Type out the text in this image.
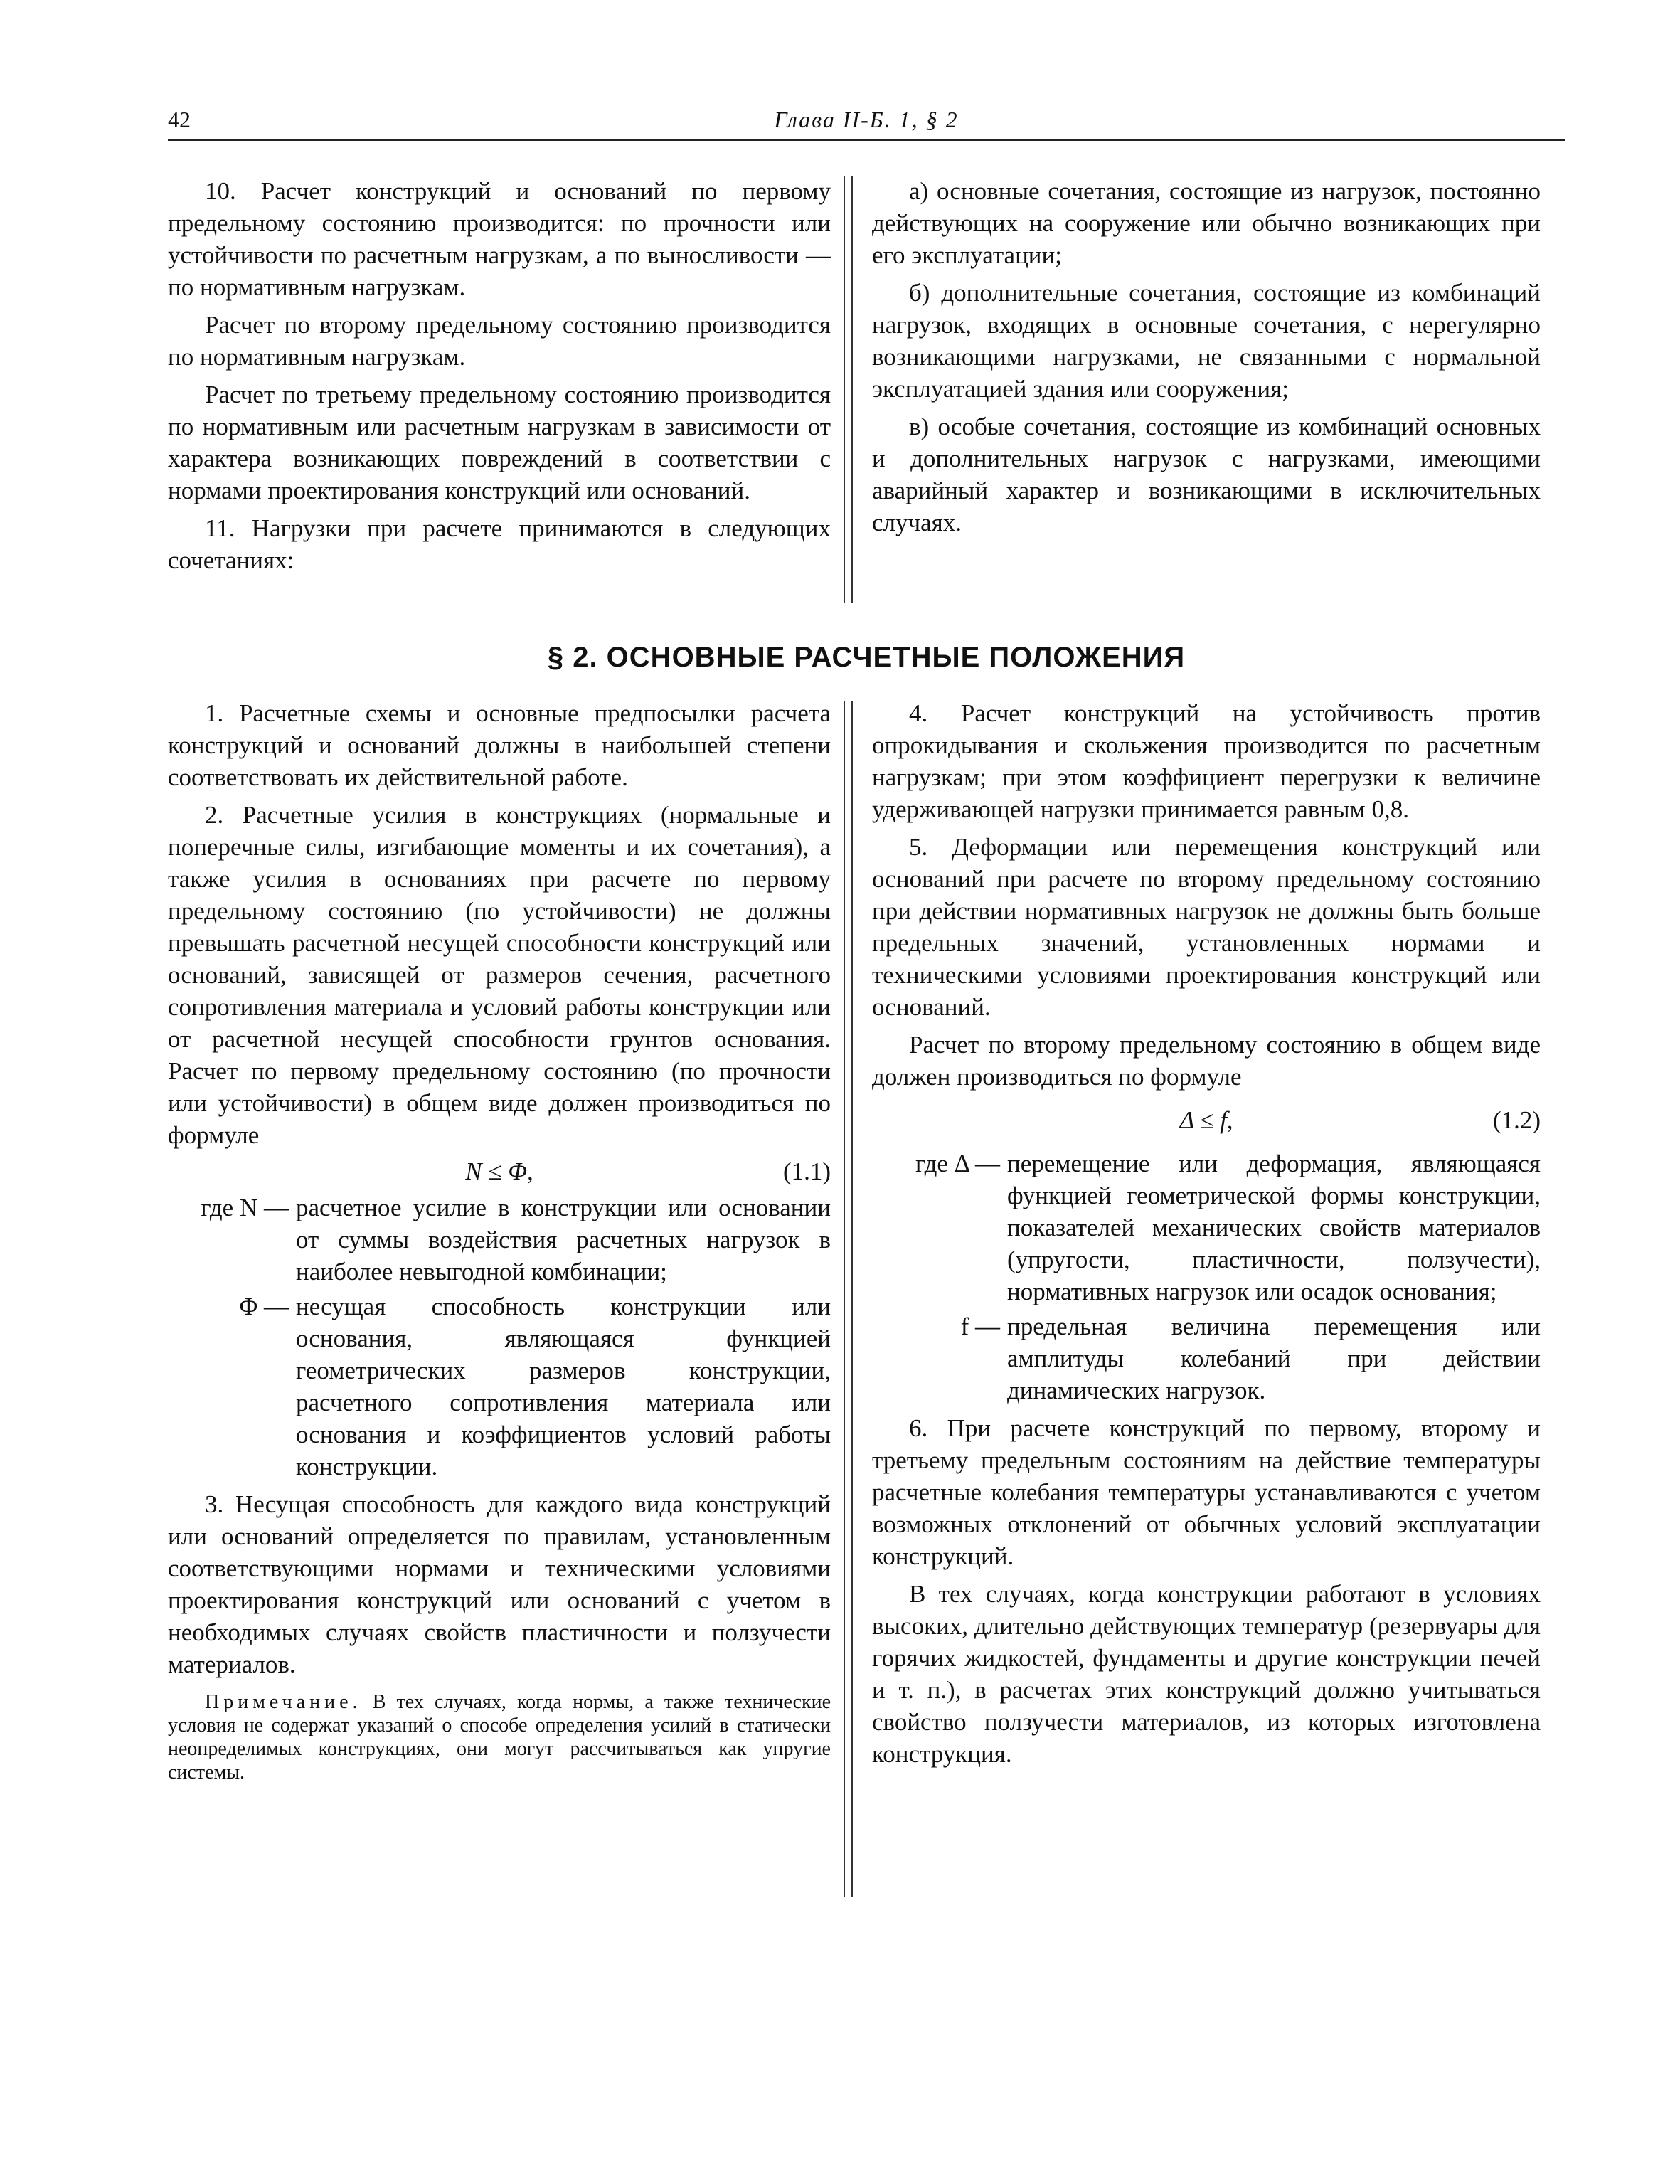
42	Глава II-Б. 1, § 2

10. Расчет конструкций и оснований по первому предельному состоянию производится: по прочности или устойчивости по расчетным нагрузкам, а по выносливости — по нормативным нагрузкам.

Расчет по второму предельному состоянию производится по нормативным нагрузкам.

Расчет по третьему предельному состоянию производится по нормативным или расчетным нагрузкам в зависимости от характера возникающих повреждений в соответствии с нормами проектирования конструкций или оснований.

11. Нагрузки при расчете принимаются в следующих сочетаниях:

а) основные сочетания, состоящие из нагрузок, постоянно действующих на сооружение или обычно возникающих при его эксплуатации;

б) дополнительные сочетания, состоящие из комбинаций нагрузок, входящих в основные сочетания, с нерегулярно возникающими нагрузками, не связанными с нормальной эксплуатацией здания или сооружения;

в) особые сочетания, состоящие из комбинаций основных и дополнительных нагрузок с нагрузками, имеющими аварийный характер и возникающими в исключительных случаях.

§ 2. ОСНОВНЫЕ РАСЧЕТНЫЕ ПОЛОЖЕНИЯ

1. Расчетные схемы и основные предпосылки расчета конструкций и оснований должны в наибольшей степени соответствовать их действительной работе.

2. Расчетные усилия в конструкциях (нормальные и поперечные силы, изгибающие моменты и их сочетания), а также усилия в основаниях при расчете по первому предельному состоянию (по устойчивости) не должны превышать расчетной несущей способности конструкций или оснований, зависящей от размеров сечения, расчетного сопротивления материала и условий работы конструкции или от расчетной несущей способности грунтов основания. Расчет по первому предельному состоянию (по прочности или устойчивости) в общем виде должен производиться по формуле

N ≤ Φ,	(1.1)
где N — расчетное усилие в конструкции или основании от суммы воздействия расчетных нагрузок в наиболее невыгодной комбинации;
Φ — несущая способность конструкции или основания, являющаяся функцией геометрических размеров конструкции, расчетного сопротивления материала или основания и коэффициентов условий работы конструкции.

3. Несущая способность для каждого вида конструкций или оснований определяется по правилам, установленным соответствующими нормами и техническими условиями проектирования конструкций или оснований с учетом в необходимых случаях свойств пластичности и ползучести материалов.

Примечание. В тех случаях, когда нормы, а также технические условия не содержат указаний о способе определения усилий в статически неопределимых конструкциях, они могут рассчитываться как упругие системы.

4. Расчет конструкций на устойчивость против опрокидывания и скольжения производится по расчетным нагрузкам; при этом коэффициент перегрузки к величине удерживающей нагрузки принимается равным 0,8.

5. Деформации или перемещения конструкций или оснований при расчете по второму предельному состоянию при действии нормативных нагрузок не должны быть больше предельных значений, установленных нормами и техническими условиями проектирования конструкций или оснований.

Расчет по второму предельному состоянию в общем виде должен производиться по формуле

Δ ≤ f,	(1.2)
где Δ — перемещение или деформация, являющаяся функцией геометрической формы конструкции, показателей механических свойств материалов (упругости, пластичности, ползучести), нормативных нагрузок или осадок основания;
f — предельная величина перемещения или амплитуды колебаний при действии динамических нагрузок.

6. При расчете конструкций по первому, второму и третьему предельным состояниям на действие температуры расчетные колебания температуры устанавливаются с учетом возможных отклонений от обычных условий эксплуатации конструкций.

В тех случаях, когда конструкции работают в условиях высоких, длительно действующих температур (резервуары для горячих жидкостей, фундаменты и другие конструкции печей и т. п.), в расчетах этих конструкций должно учитываться свойство ползучести материалов, из которых изготовлена конструкция.
